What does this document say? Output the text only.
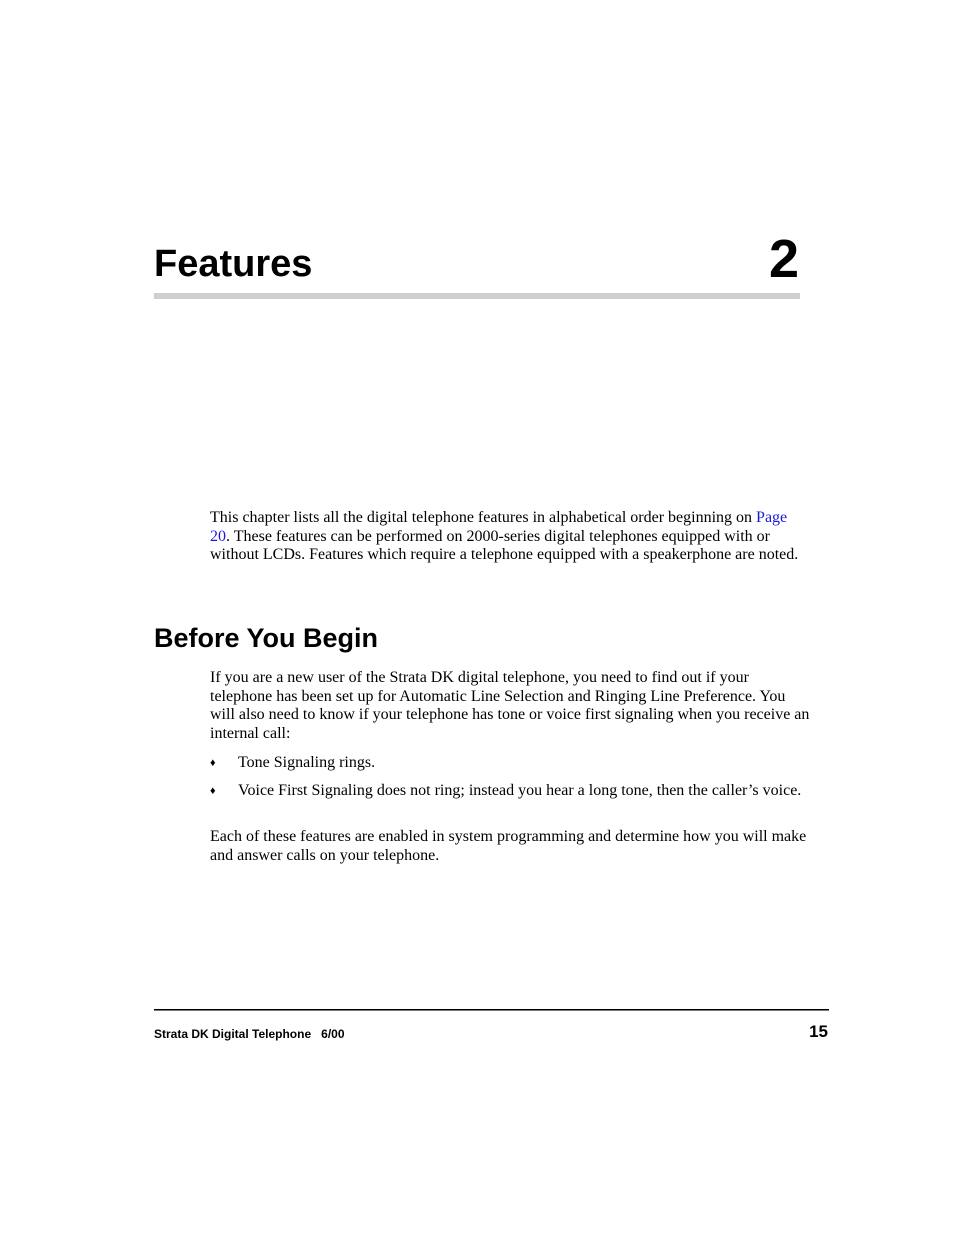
Features	2

This chapter lists all the digital telephone features in alphabetical order beginning on Page 20. These features can be performed on 2000-series digital telephones equipped with or without LCDs. Features which require a telephone equipped with a speakerphone are noted.

Before You Begin

If you are a new user of the Strata DK digital telephone, you need to find out if your telephone has been set up for Automatic Line Selection and Ringing Line Preference. You will also need to know if your telephone has tone or voice first signaling when you receive an internal call:

♦ Tone Signaling rings.
♦ Voice First Signaling does not ring; instead you hear a long tone, then the caller’s voice.

Each of these features are enabled in system programming and determine how you will make and answer calls on your telephone.

Strata DK Digital Telephone 6/00	15
